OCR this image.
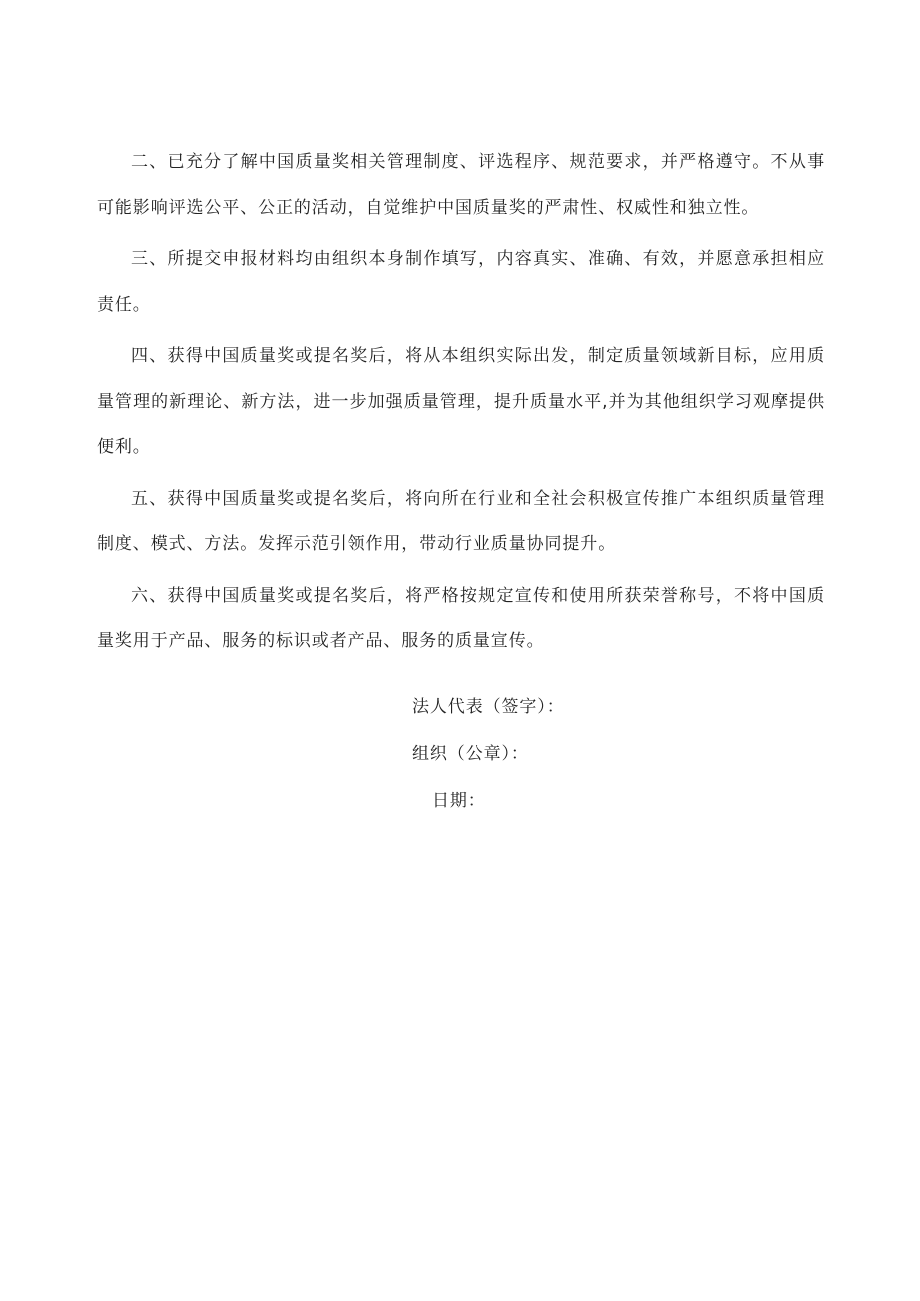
二、已充分了解中国质量奖相关管理制度、评选程序、规范要求，并严格遵守。不从事可能影响评选公平、公正的活动，自觉维护中国质量奖的严肃性、权威性和独立性。

三、所提交申报材料均由组织本身制作填写，内容真实、准确、有效，并愿意承担相应责任。

四、获得中国质量奖或提名奖后，将从本组织实际出发，制定质量领域新目标，应用质量管理的新理论、新方法，进一步加强质量管理，提升质量水平,并为其他组织学习观摩提供便利。

五、获得中国质量奖或提名奖后，将向所在行业和全社会积极宣传推广本组织质量管理制度、模式、方法。发挥示范引领作用，带动行业质量协同提升。

六、获得中国质量奖或提名奖后，将严格按规定宣传和使用所获荣誉称号，不将中国质量奖用于产品、服务的标识或者产品、服务的质量宣传。

法人代表（签字）：
组织（公章）：
日期：
